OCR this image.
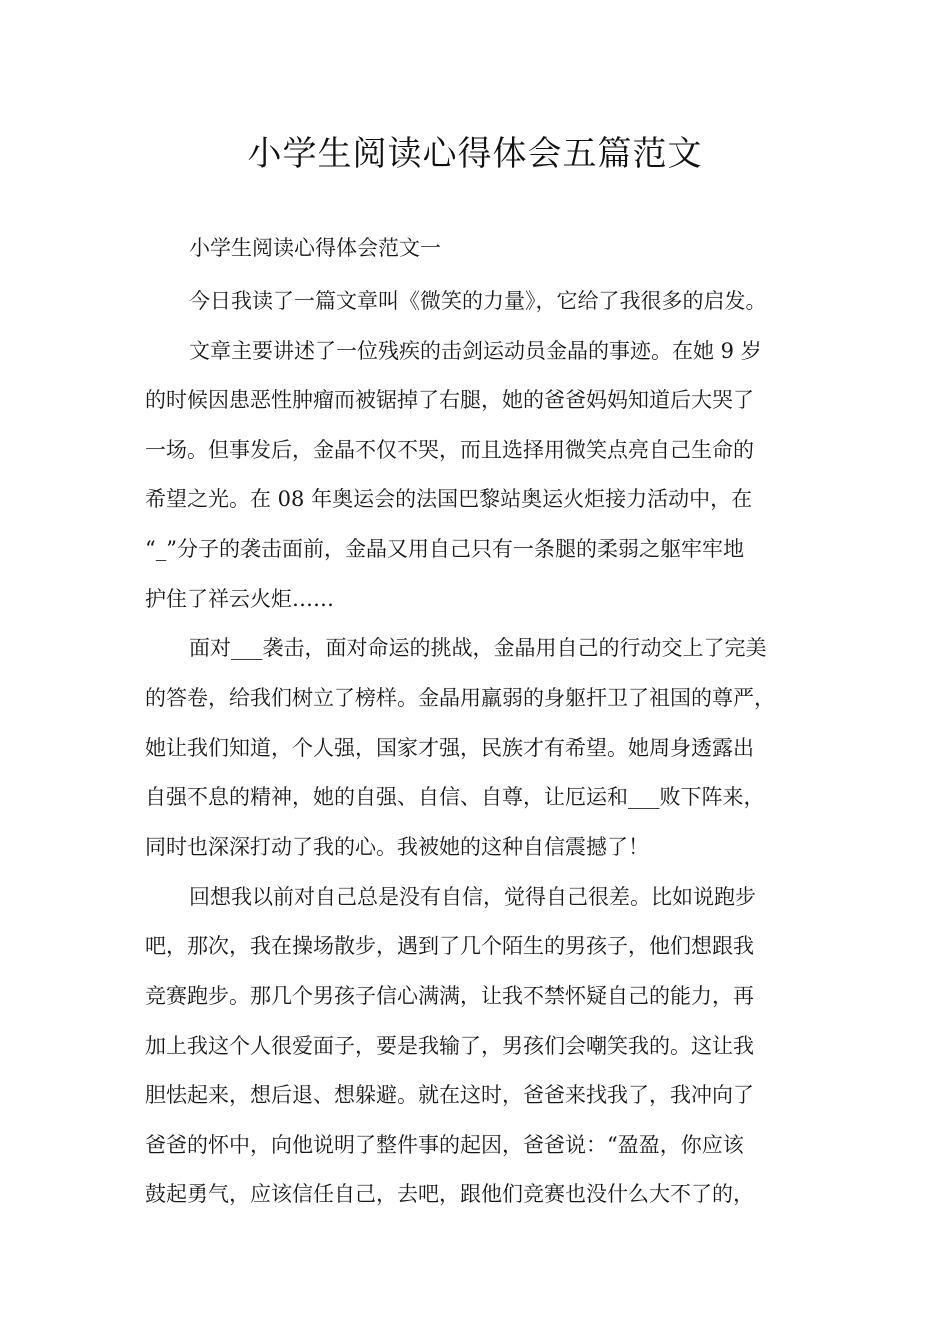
小学生阅读心得体会五篇范文

小学生阅读心得体会范文一

今日我读了一篇文章叫《微笑的力量》，它给了我很多的启发。

文章主要讲述了一位残疾的击剑运动员金晶的事迹。在她 9 岁

的时候因患恶性肿瘤而被锯掉了右腿，她的爸爸妈妈知道后大哭了

一场。但事发后，金晶不仅不哭，而且选择用微笑点亮自己生命的

希望之光。在 08 年奥运会的法国巴黎站奥运火炬接力活动中，在

“_”分子的袭击面前，金晶又用自己只有一条腿的柔弱之躯牢牢地

护住了祥云火炬……

面对___袭击，面对命运的挑战，金晶用自己的行动交上了完美

的答卷，给我们树立了榜样。金晶用羸弱的身躯扞卫了祖国的尊严，

她让我们知道，个人强，国家才强，民族才有希望。她周身透露出

自强不息的精神，她的自强、自信、自尊，让厄运和___败下阵来，

同时也深深打动了我的心。我被她的这种自信震撼了！

回想我以前对自己总是没有自信，觉得自己很差。比如说跑步

吧，那次，我在操场散步，遇到了几个陌生的男孩子，他们想跟我

竞赛跑步。那几个男孩子信心满满，让我不禁怀疑自己的能力，再

加上我这个人很爱面子，要是我输了，男孩们会嘲笑我的。这让我

胆怯起来，想后退、想躲避。就在这时，爸爸来找我了，我冲向了

爸爸的怀中，向他说明了整件事的起因，爸爸说：“盈盈，你应该

鼓起勇气，应该信任自己，去吧，跟他们竞赛也没什么大不了的，
